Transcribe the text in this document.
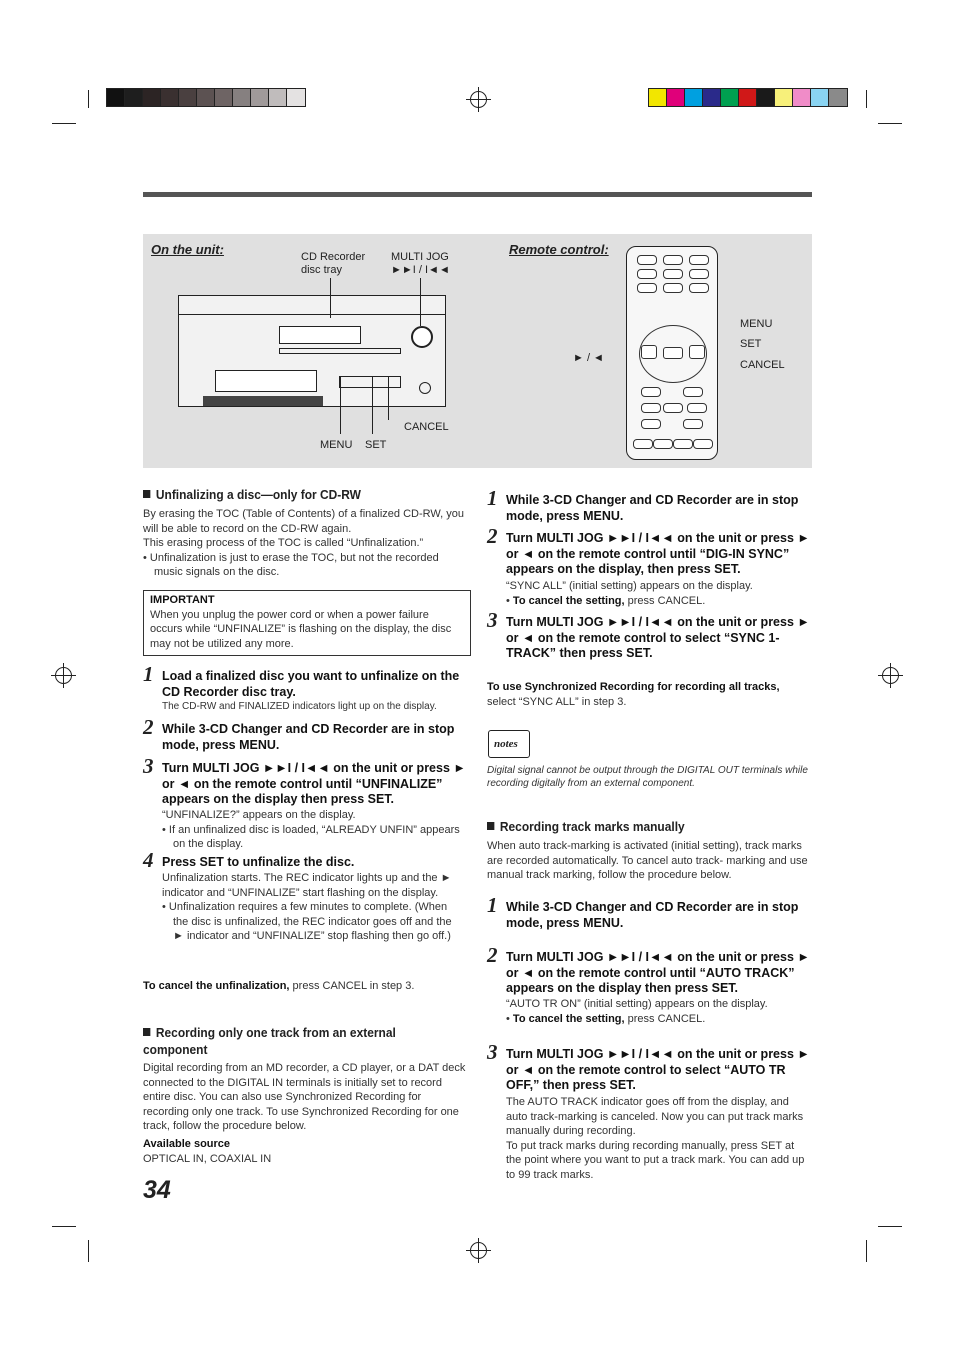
On the unit:	Remote control:
CD Recorder
disc tray
MULTI JOG
►►I / I◄◄
CANCEL
MENU SET
MENU
SET
CANCEL
► / ◄
Unfinalizing a disc—only for CD-RW
By erasing the TOC (Table of Contents) of a finalized CD-RW, you will be able to record on the CD-RW again.
This erasing process of the TOC is called “Unfinalization.”
• Unfinalization is just to erase the TOC, but not the recorded music signals on the disc.
IMPORTANT
When you unplug the power cord or when a power failure occurs while “UNFINALIZE” is flashing on the display, the disc may not be utilized any more.
1 Load a finalized disc you want to unfinalize on the CD Recorder disc tray.
The CD-RW and FINALIZED indicators light up on the display.
2 While 3-CD Changer and CD Recorder are in stop mode, press MENU.
3 Turn MULTI JOG ►►I / I◄◄ on the unit or press ► or ◄ on the remote control until “UNFINALIZE” appears on the display then press SET.
“UNFINALIZE?” appears on the display.
• If an unfinalized disc is loaded, “ALREADY UNFIN” appears on the display.
4 Press SET to unfinalize the disc.
Unfinalization starts. The REC indicator lights up and the ► indicator and “UNFINALIZE” start flashing on the display.
• Unfinalization requires a few minutes to complete. (When the disc is unfinalized, the REC indicator goes off and the ► indicator and “UNFINALIZE” stop flashing then go off.)
To cancel the unfinalization, press CANCEL in step 3.
Recording only one track from an external component
Digital recording from an MD recorder, a CD player, or a DAT deck connected to the DIGITAL IN terminals is initially set to record entire disc. You can also use Synchronized Recording for recording only one track. To use Synchronized Recording for one track, follow the procedure below.
Available source
OPTICAL IN, COAXIAL IN
1 While 3-CD Changer and CD Recorder are in stop mode, press MENU.
2 Turn MULTI JOG ►►I / I◄◄ on the unit or press ► or ◄ on the remote control until “DIG-IN SYNC” appears on the display, then press SET.
“SYNC ALL” (initial setting) appears on the display.
• To cancel the setting, press CANCEL.
3 Turn MULTI JOG ►►I / I◄◄ on the unit or press ► or ◄ on the remote control to select “SYNC 1-TRACK” then press SET.
To use Synchronized Recording for recording all tracks,
select “SYNC ALL” in step 3.
notes
Digital signal cannot be output through the DIGITAL OUT terminals while recording digitally from an external component.
Recording track marks manually
When auto track-marking is activated (initial setting), track marks are recorded automatically. To cancel auto track- marking and use manual track marking, follow the procedure below.
1 While 3-CD Changer and CD Recorder are in stop mode, press MENU.
2 Turn MULTI JOG ►►I / I◄◄ on the unit or press ► or ◄ on the remote control until “AUTO TRACK” appears on the display then press SET.
“AUTO TR ON” (initial setting) appears on the display.
• To cancel the setting, press CANCEL.
3 Turn MULTI JOG ►►I / I◄◄ on the unit or press ► or ◄ on the remote control to select “AUTO TR OFF,” then press SET.
The AUTO TRACK indicator goes off from the display, and auto track-marking is canceled. Now you can put track marks manually during recording.
To put track marks during recording manually, press SET at the point where you want to put a track mark. You can add up to 99 track marks.
34
